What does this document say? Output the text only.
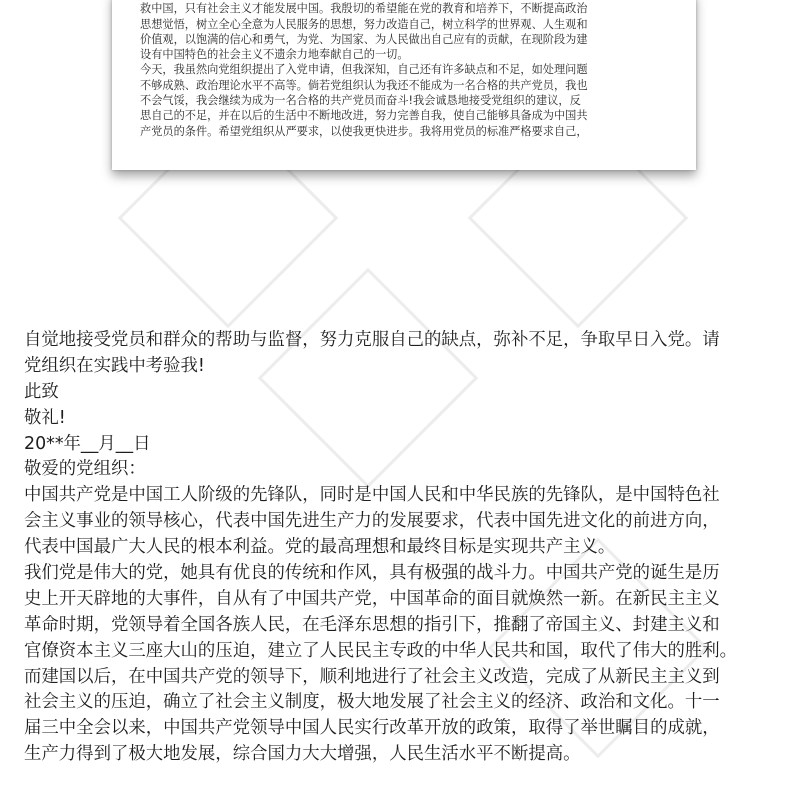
救中国，只有社会主义才能发展中国。我殷切的希望能在党的教育和培养下，不断提高政治
思想觉悟，树立全心全意为人民服务的思想，努力改造自己，树立科学的世界观、人生观和
价值观，以饱满的信心和勇气，为党、为国家、为人民做出自己应有的贡献，在现阶段为建
设有中国特色的社会主义不遗余力地奉献自己的一切。
今天，我虽然向党组织提出了入党申请，但我深知，自己还有许多缺点和不足，如处理问题
不够成熟、政治理论水平不高等。倘若党组织认为我还不能成为一名合格的共产党员，我也
不会气馁，我会继续为成为一名合格的共产党员而奋斗!我会诚恳地接受党组织的建议，反
思自己的不足，并在以后的生活中不断地改进，努力完善自我，使自己能够具备成为中国共
产党员的条件。希望党组织从严要求，以使我更快进步。我将用党员的标准严格要求自己，
自觉地接受党员和群众的帮助与监督，努力克服自己的缺点，弥补不足，争取早日入党。请
党组织在实践中考验我!
此致
敬礼!
20**年__月__日
敬爱的党组织：
中国共产党是中国工人阶级的先锋队，同时是中国人民和中华民族的先锋队，是中国特色社
会主义事业的领导核心，代表中国先进生产力的发展要求，代表中国先进文化的前进方向，
代表中国最广大人民的根本利益。党的最高理想和最终目标是实现共产主义。
我们党是伟大的党，她具有优良的传统和作风，具有极强的战斗力。中国共产党的诞生是历
史上开天辟地的大事件，自从有了中国共产党，中国革命的面目就焕然一新。在新民主主义
革命时期，党领导着全国各族人民，在毛泽东思想的指引下，推翻了帝国主义、封建主义和
官僚资本主义三座大山的压迫，建立了人民民主专政的中华人民共和国，取代了伟大的胜利。
而建国以后，在中国共产党的领导下，顺利地进行了社会主义改造，完成了从新民主主义到
社会主义的压迫，确立了社会主义制度，极大地发展了社会主义的经济、政治和文化。十一
届三中全会以来，中国共产党领导中国人民实行改革开放的政策，取得了举世瞩目的成就，
生产力得到了极大地发展，综合国力大大增强，人民生活水平不断提高。
